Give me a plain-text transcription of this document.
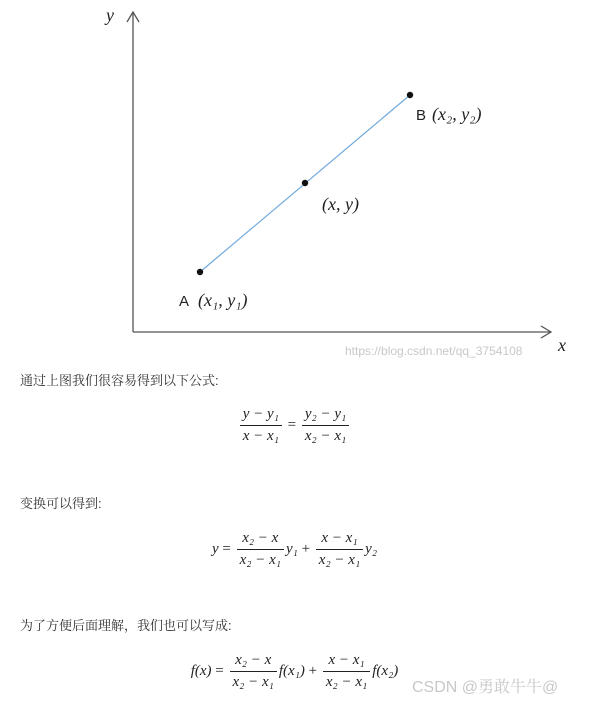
y
x
A (x₁, y₁)
B (x₂, y₂)
(x, y)
https://blog.csdn.net/qq_3754108
通过上图我们很容易得到以下公式:
$\frac{\text{y − y₁}}{\text{x − x₁}} = \frac{\text{y₂ − y₁}}{\text{x₂ − x₁}}$
变换可以得到:
$y = \frac{\text{x₂ − x}}{\text{x₂ − x₁}} y_1 + \frac{\text{x − x₁}}{\text{x₂ − x₁}} y_2$
为了方便后面理解，我们也可以写成:
$f(x) = \frac{\text{x₂ − x}}{\text{x₂ − x₁}} f(x_1) + \frac{\text{x − x₁}}{\text{x₂ − x₁}} f(x_2)$
CSDN @勇敢牛牛@
